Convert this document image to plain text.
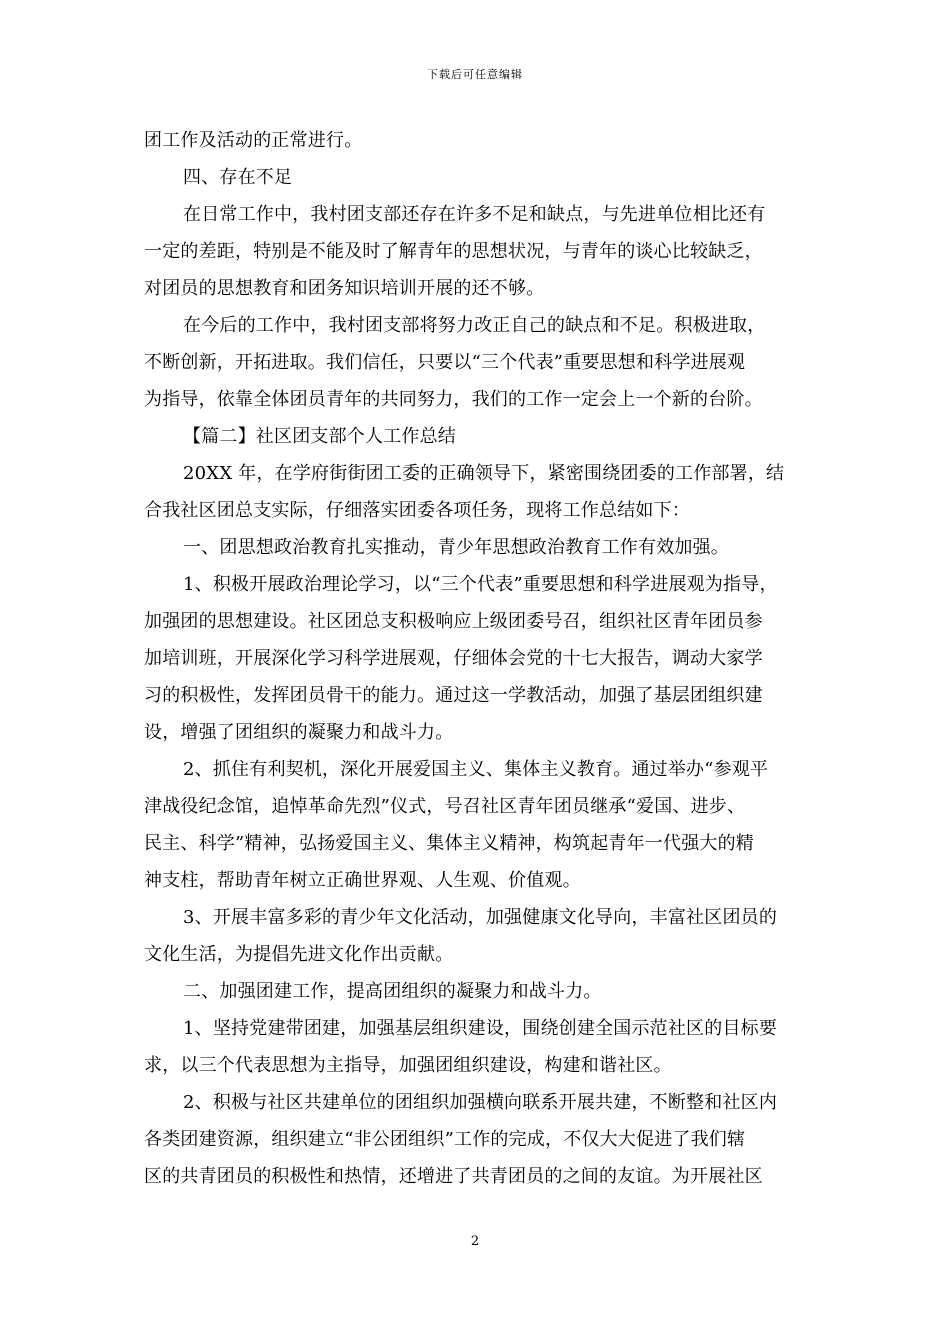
下载后可任意编辑
团工作及活动的正常进行。
四、存在不足
在日常工作中，我村团支部还存在许多不足和缺点，与先进单位相比还有
一定的差距，特别是不能及时了解青年的思想状况，与青年的谈心比较缺乏，
对团员的思想教育和团务知识培训开展的还不够。
在今后的工作中，我村团支部将努力改正自己的缺点和不足。积极进取，
不断创新，开拓进取。我们信任，只要以“三个代表”重要思想和科学进展观
为指导，依靠全体团员青年的共同努力，我们的工作一定会上一个新的台阶。
【篇二】社区团支部个人工作总结
20XX 年，在学府街街团工委的正确领导下，紧密围绕团委的工作部署，结
合我社区团总支实际，仔细落实团委各项任务，现将工作总结如下：
一、团思想政治教育扎实推动，青少年思想政治教育工作有效加强。
1、积极开展政治理论学习，以“三个代表”重要思想和科学进展观为指导，
加强团的思想建设。社区团总支积极响应上级团委号召，组织社区青年团员参
加培训班，开展深化学习科学进展观，仔细体会党的十七大报告，调动大家学
习的积极性，发挥团员骨干的能力。通过这一学教活动，加强了基层团组织建
设，增强了团组织的凝聚力和战斗力。
2、抓住有利契机，深化开展爱国主义、集体主义教育。通过举办“参观平
津战役纪念馆，追悼革命先烈”仪式，号召社区青年团员继承“爱国、进步、
民主、科学”精神，弘扬爱国主义、集体主义精神，构筑起青年一代强大的精
神支柱，帮助青年树立正确世界观、人生观、价值观。
3、开展丰富多彩的青少年文化活动，加强健康文化导向，丰富社区团员的
文化生活，为提倡先进文化作出贡献。
二、加强团建工作，提高团组织的凝聚力和战斗力。
1、坚持党建带团建，加强基层组织建设，围绕创建全国示范社区的目标要
求，以三个代表思想为主指导，加强团组织建设，构建和谐社区。
2、积极与社区共建单位的团组织加强横向联系开展共建，不断整和社区内
各类团建资源，组织建立“非公团组织”工作的完成，不仅大大促进了我们辖
区的共青团员的积极性和热情，还增进了共青团员的之间的友谊。为开展社区
2
